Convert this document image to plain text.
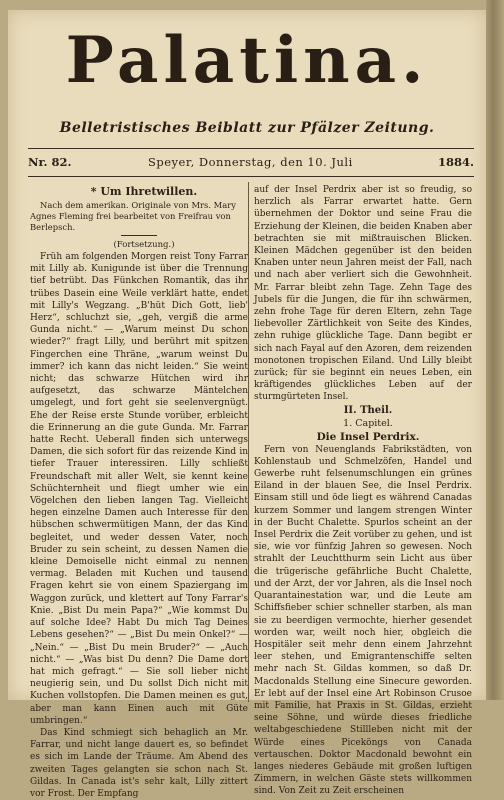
Palatina.
Belletristisches Beiblatt zur Pfälzer Zeitung.
Nr. 82.	Speyer, Donnerstag, den 10. Juli	1884.

* Um Ihretwillen.

Nach dem amerikan. Originale von Mrs. Mary Agnes Fleming frei bearbeitet von Freifrau von Berlepsch.

(Fortsetzung.)

Früh am folgenden Morgen reist Tony Farrar mit Lilly ab. Kunigunde ist über die Trennung tief betrübt. Das Fünkchen Romantik, das ihr trübes Dasein eine Weile verklärt hatte, endet mit Lilly's Wegzang. „B'hüt Dich Gott, lieb' Herz“, schluchzt sie, „geh, vergiß die arme Gunda nicht.“ — „Warum meinst Du schon wieder?“ fragt Lilly, und berührt mit spitzen Fingerchen eine Thräne, „warum weinst Du immer? ich kann das nicht leiden.“ Sie weint nicht; das schwarze Hütchen wird ihr aufgesetzt, das schwarze Mäntelchen umgelegt, und fort geht sie seelenvergnügt. Ehe der Reise erste Stunde vorüber, erbleicht die Erinnerung an die gute Gunda. Mr. Farrar hatte Recht. Ueberall finden sich unterwegs Damen, die sich sofort für das reizende Kind in tiefer Trauer interessiren. Lilly schließt Freundschaft mit aller Welt, sie kennt keine Schüchternheit und fliegt umher wie ein Vögelchen den lieben langen Tag. Vielleicht hegen einzelne Damen auch Interesse für den hübschen schwermütigen Mann, der das Kind begleitet, und weder dessen Vater, noch Bruder zu sein scheint, zu dessen Namen die kleine Demoiselle nicht einmal zu nennen vermag. Beladen mit Kuchen und tausend Fragen kehrt sie von einem Spaziergang im Waggon zurück, und klettert auf Tony Farrar's Knie. „Bist Du mein Papa?“ „Wie kommst Du auf solche Idee? Habt Du mich Tag Deines Lebens gesehen?“ — „Bist Du mein Onkel?“ — „Nein.“ — „Bist Du mein Bruder?“ — „Auch nicht.“ — „Was bist Du denn? Die Dame dort hat mich gefragt.“ — Sie soll lieber nicht neugierig sein, und Du sollst Dich nicht mit Kuchen vollstopfen. Die Damen meinen es gut, aber man kann Einen auch mit Güte umbringen.“

Das Kind schmiegt sich behaglich an Mr. Farrar, und nicht lange dauert es, so befindet es sich im Lande der Träume. Am Abend des zweiten Tages gelangten sie schon nach St. Gildas. In Canada ist's sehr kalt, Lilly zittert vor Frost. Der Empfang

auf der Insel Perdrix aber ist so freudig, so herzlich als Farrar erwartet hatte. Gern übernehmen der Doktor und seine Frau die Erziehung der Kleinen, die beiden Knaben aber betrachten sie mit mißtrauischen Blicken. Kleinen Mädchen gegenüber ist den beiden Knaben unter neun Jahren meist der Fall, nach und nach aber verliert sich die Gewohnheit. Mr. Farrar bleibt zehn Tage. Zehn Tage des Jubels für die Jungen, die für ihn schwärmen, zehn frohe Tage für deren Eltern, zehn Tage liebevoller Zärtlichkeit von Seite des Kindes, zehn ruhige glückliche Tage. Dann begibt er sich nach Fayal auf den Azoren, dem reizenden monotonen tropischen Eiland. Und Lilly bleibt zurück; für sie beginnt ein neues Leben, ein kräftigendes glückliches Leben auf der sturmgürteten Insel.

II. Theil.

1. Capitel.

Die Insel Perdrix.

Fern von Neuenglands Fabrikstädten, von Kohlenstaub und Schmelzöfen, Handel und Gewerbe ruht felsenumschlungen ein grünes Eiland in der blauen See, die Insel Perdrix. Einsam still und öde liegt es während Canadas kurzem Sommer und langem strengen Winter in der Bucht Chalette. Spurlos scheint an der Insel Perdrix die Zeit vorüber zu gehen, und ist sie, wie vor fünfzig Jahren so gewesen. Noch strahlt der Leuchtthurm sein Licht aus über die trügerische gefährliche Bucht Chalette, und der Arzt, der vor Jahren, als die Insel noch Quarantainestation war, und die Leute am Schiffsfieber schier schneller starben, als man sie zu beerdigen vermochte, hierher gesendet worden war, weilt noch hier, obgleich die Hospitäler seit mehr denn einem Jahrzehnt leer stehen, und Emigrantenschiffe selten mehr nach St. Gildas kommen, so daß Dr. Macdonalds Stellung eine Sinecure geworden. Er lebt auf der Insel eine Art Robinson Crusoe mit Familie, hat Praxis in St. Gildas, erzieht seine Söhne, und würde dieses friedliche weltabgeschiedene Stillleben nicht mit der Würde eines Piceköngs von Canada vertauschen. Doktor Macdonald bewohnt ein langes niederes Gebäude mit großen luftigen Zimmern, in welchen Gäste stets willkommen sind. Von Zeit zu Zeit erscheinen
